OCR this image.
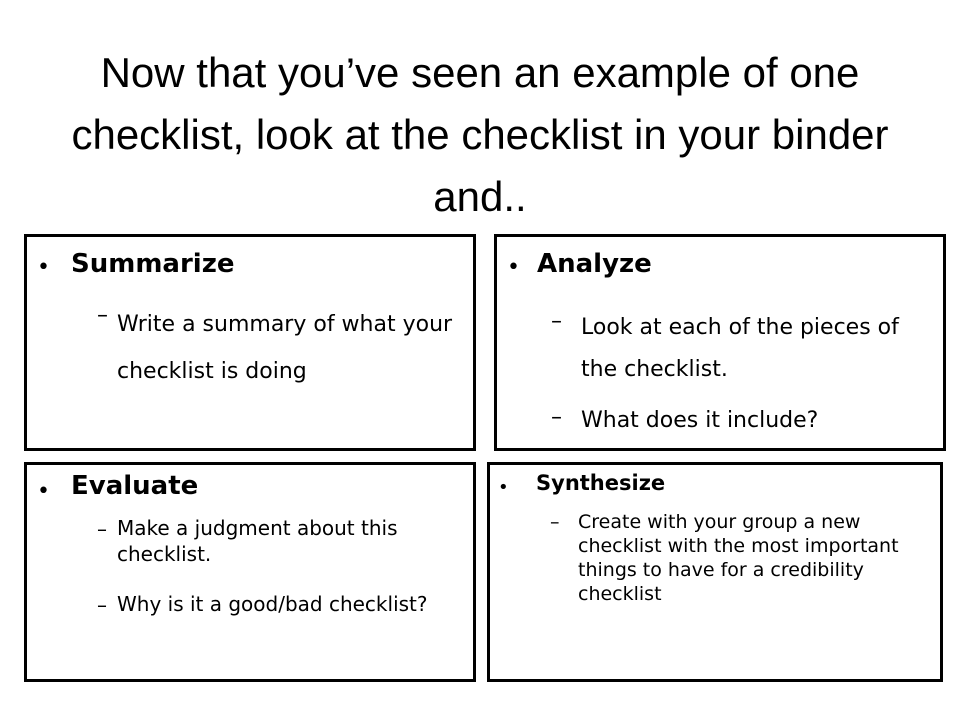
Now that you’ve seen an example of one checklist, look at the checklist in your binder and..
• Summarize
– Write a summary of what your checklist is doing
• Analyze
– Look at each of the pieces of the checklist.
– What does it include?
• Evaluate
– Make a judgment about this checklist.
– Why is it a good/bad checklist?
• Synthesize
– Create with your group a new checklist with the most important things to have for a credibility checklist
